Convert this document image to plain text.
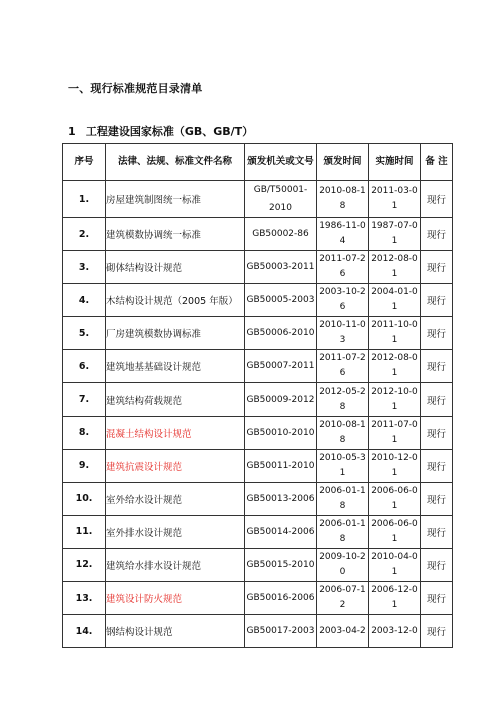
一、现行标准规范目录清单
1 工程建设国家标准（GB、GB/T）
序号	法律、法规、标准文件名称	颁发机关或文号	颁发时间	实施时间	备 注
1.	房屋建筑制图统一标准	GB/T50001-2010	2010-08-18	2011-03-01	现行
2.	建筑模数协调统一标准	GB50002-86	1986-11-04	1987-07-01	现行
3.	砌体结构设计规范	GB50003-2011	2011-07-26	2012-08-01	现行
4.	木结构设计规范（2005 年版）	GB50005-2003	2003-10-26	2004-01-01	现行
5.	厂房建筑模数协调标准	GB50006-2010	2010-11-03	2011-10-01	现行
6.	建筑地基基础设计规范	GB50007-2011	2011-07-26	2012-08-01	现行
7.	建筑结构荷载规范	GB50009-2012	2012-05-28	2012-10-01	现行
8.	混凝土结构设计规范	GB50010-2010	2010-08-18	2011-07-01	现行
9.	建筑抗震设计规范	GB50011-2010	2010-05-31	2010-12-01	现行
10.	室外给水设计规范	GB50013-2006	2006-01-18	2006-06-01	现行
11.	室外排水设计规范	GB50014-2006	2006-01-18	2006-06-01	现行
12.	建筑给水排水设计规范	GB50015-2010	2009-10-20	2010-04-01	现行
13.	建筑设计防火规范	GB50016-2006	2006-07-12	2006-12-01	现行
14.	钢结构设计规范	GB50017-2003	2003-04-2	2003-12-0	现行
